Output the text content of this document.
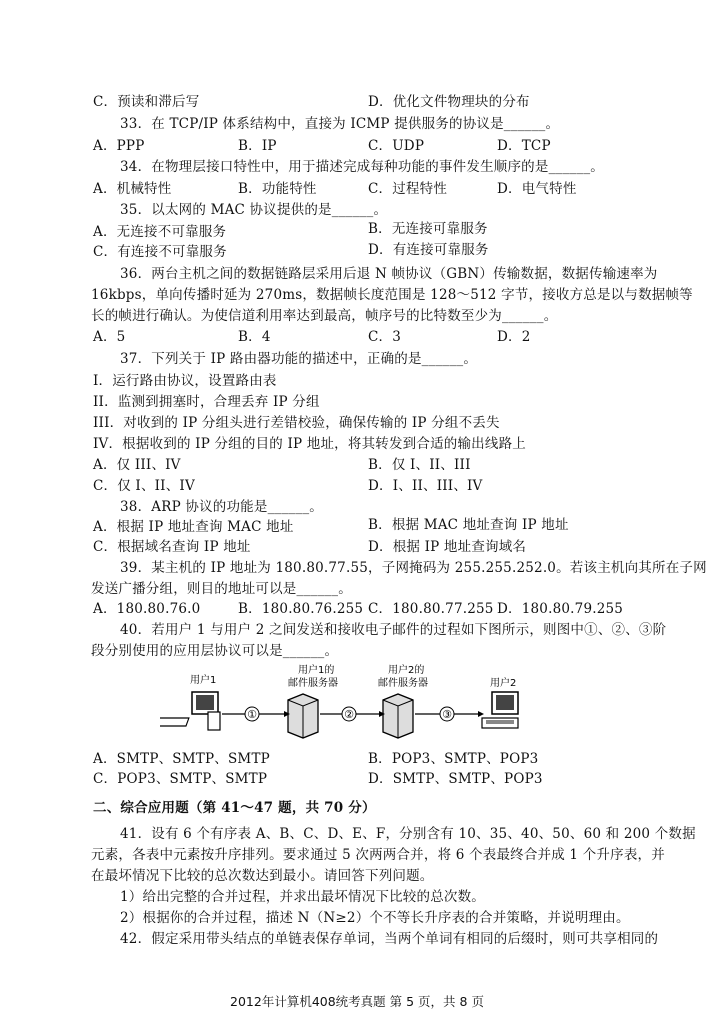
C．预读和滞后写	D．优化文件物理块的分布
33．在 TCP/IP 体系结构中，直接为 ICMP 提供服务的协议是______。
A．PPP	B．IP	C．UDP	D．TCP
34．在物理层接口特性中，用于描述完成每种功能的事件发生顺序的是______。
A．机械特性	B．功能特性	C．过程特性	D．电气特性
35．以太网的 MAC 协议提供的是______。
A．无连接不可靠服务	B．无连接可靠服务
C．有连接不可靠服务	D．有连接可靠服务
36．两台主机之间的数据链路层采用后退 N 帧协议（GBN）传输数据，数据传输速率为
16kbps，单向传播时延为 270ms，数据帧长度范围是 128～512 字节，接收方总是以与数据帧等
长的帧进行确认。为使信道利用率达到最高，帧序号的比特数至少为______。
A．5	B．4	C．3	D．2
37．下列关于 IP 路由器功能的描述中，正确的是______。
I．运行路由协议，设置路由表
II．监测到拥塞时，合理丢弃 IP 分组
III．对收到的 IP 分组头进行差错校验，确保传输的 IP 分组不丢失
IV．根据收到的 IP 分组的目的 IP 地址，将其转发到合适的输出线路上
A．仅 III、IV	B．仅 I、II、III
C．仅 I、II、IV	D．I、II、III、IV
38．ARP 协议的功能是______。
A．根据 IP 地址查询 MAC 地址	B．根据 MAC 地址查询 IP 地址
C．根据域名查询 IP 地址	D．根据 IP 地址查询域名
39．某主机的 IP 地址为 180.80.77.55，子网掩码为 255.255.252.0。若该主机向其所在子网
发送广播分组，则目的地址可以是______。
A．180.80.76.0	B．180.80.76.255 C．180.80.77.255 D．180.80.79.255
40．若用户 1 与用户 2 之间发送和接收电子邮件的过程如下图所示，则图中①、②、③阶
段分别使用的应用层协议可以是______。
用户1
用户1的
邮件服务器
用户2的
邮件服务器	用户2
①	②	③
A．SMTP、SMTP、SMTP	B．POP3、SMTP、POP3
C．POP3、SMTP、SMTP	D．SMTP、SMTP、POP3
二、综合应用题（第 41～47 题，共 70 分）
41．设有 6 个有序表 A、B、C、D、E、F，分别含有 10、35、40、50、60 和 200 个数据
元素，各表中元素按升序排列。要求通过 5 次两两合并，将 6 个表最终合并成 1 个升序表，并
在最坏情况下比较的总次数达到最小。请回答下列问题。
1）给出完整的合并过程，并求出最坏情况下比较的总次数。
2）根据你的合并过程，描述 N（N≥2）个不等长升序表的合并策略，并说明理由。
42．假定采用带头结点的单链表保存单词，当两个单词有相同的后缀时，则可共享相同的
2012年计算机408统考真题 第 5 页，共 8 页
